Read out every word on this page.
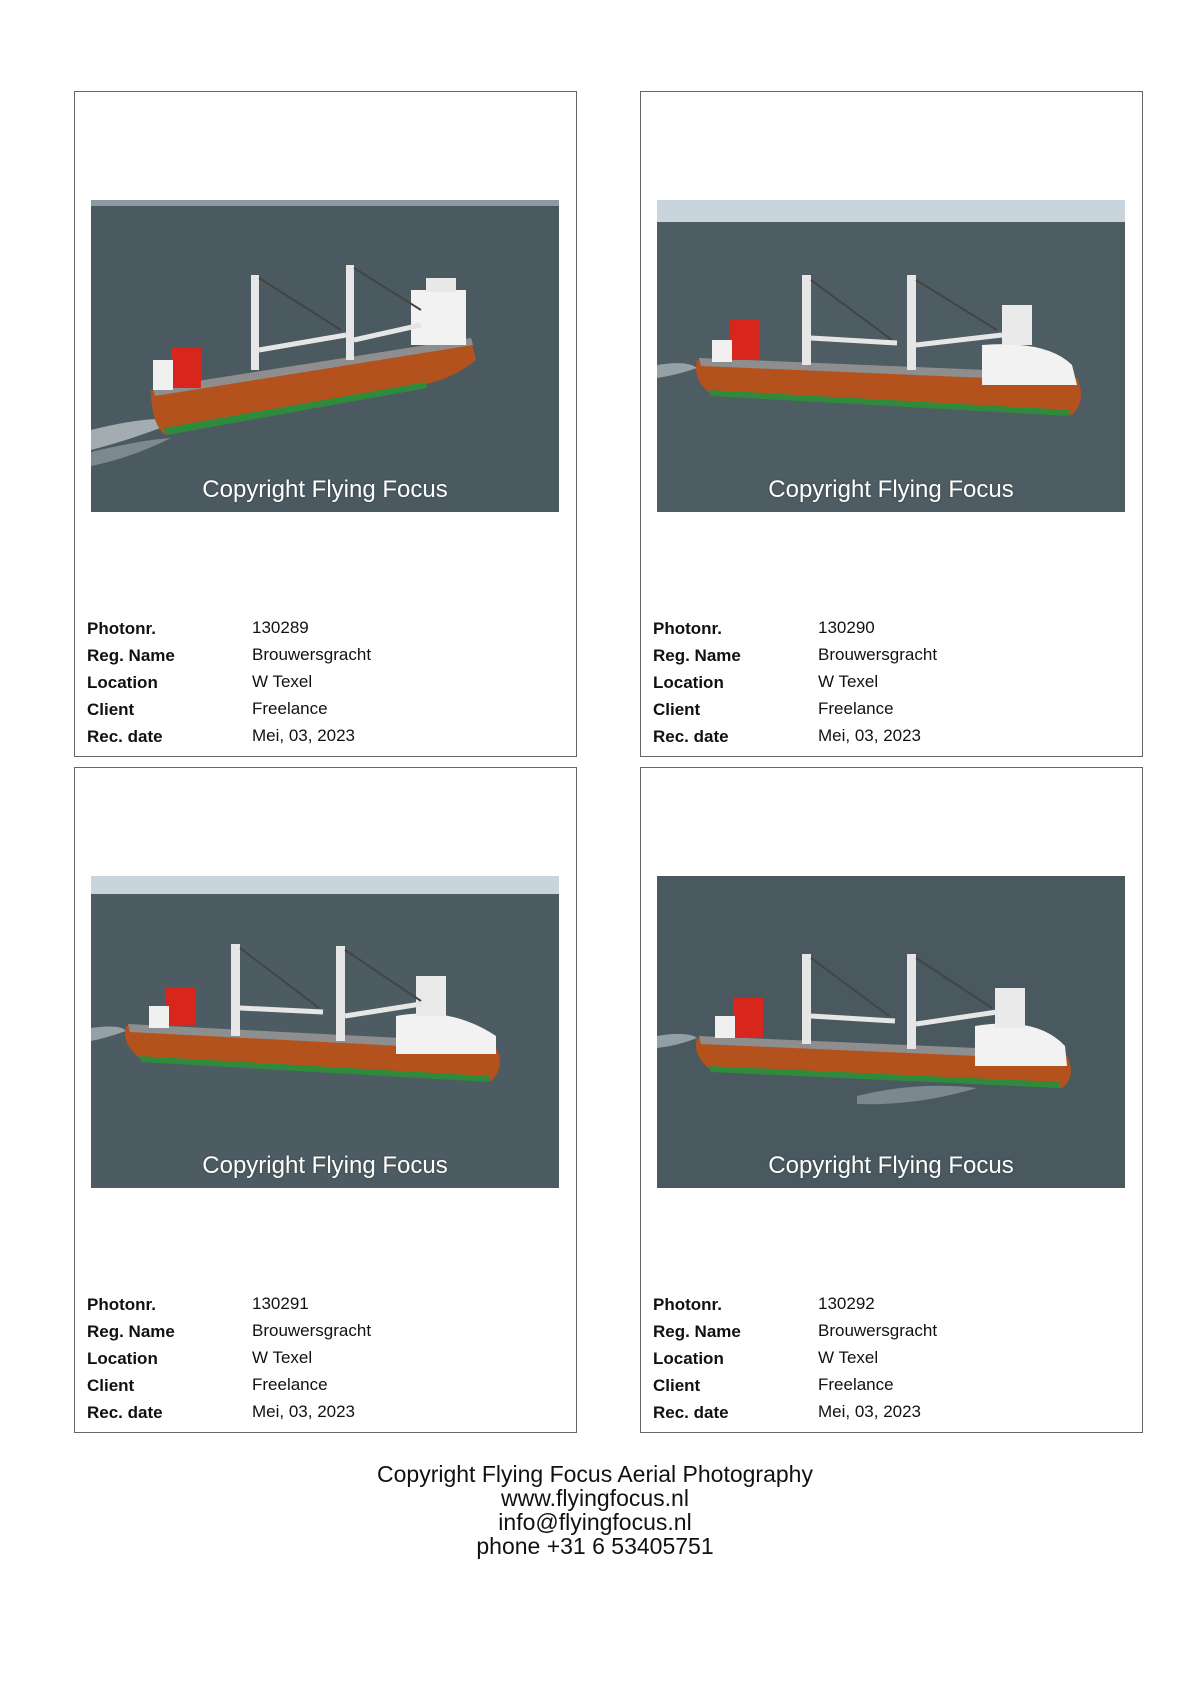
Copyright Flying Focus
Photonr.	130289
Reg. Name	Brouwersgracht
Location	W Texel
Client	Freelance
Rec. date	Mei, 03, 2023
Copyright Flying Focus
Photonr.	130290
Reg. Name	Brouwersgracht
Location	W Texel
Client	Freelance
Rec. date	Mei, 03, 2023
Copyright Flying Focus
Photonr.	130291
Reg. Name	Brouwersgracht
Location	W Texel
Client	Freelance
Rec. date	Mei, 03, 2023
Copyright Flying Focus
Photonr.	130292
Reg. Name	Brouwersgracht
Location	W Texel
Client	Freelance
Rec. date	Mei, 03, 2023
Copyright Flying Focus Aerial Photography
www.flyingfocus.nl
info@flyingfocus.nl
phone +31 6 53405751
